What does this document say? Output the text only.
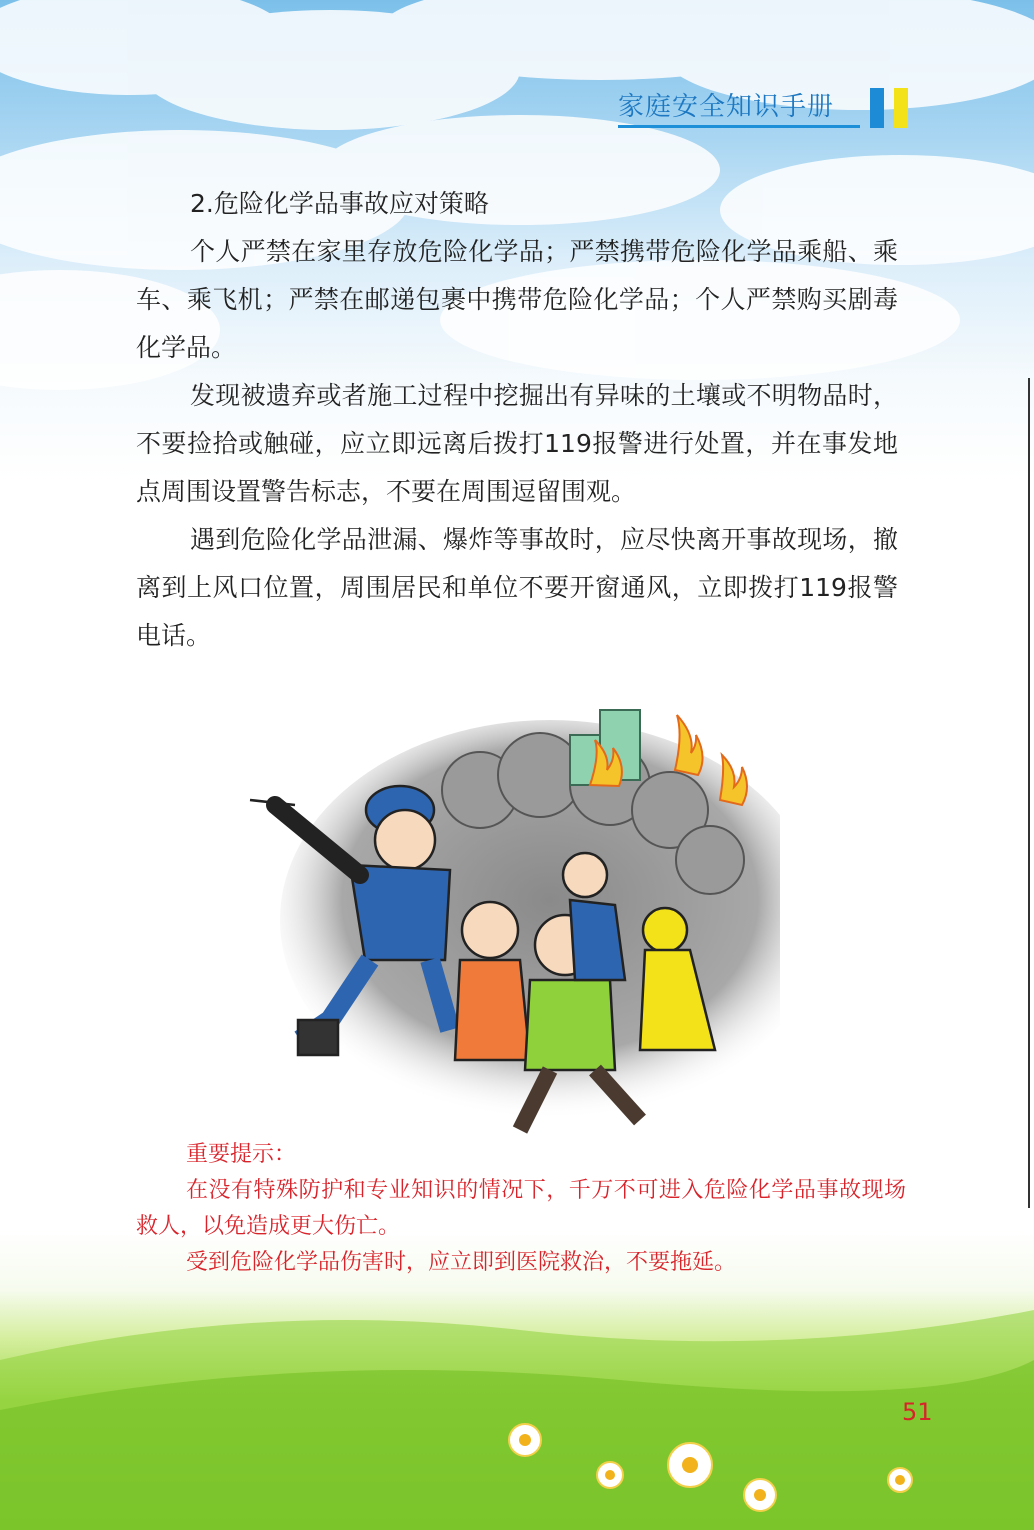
家庭安全知识手册

2.危险化学品事故应对策略

个人严禁在家里存放危险化学品；严禁携带危险化学品乘船、乘车、乘飞机；严禁在邮递包裹中携带危险化学品；个人严禁购买剧毒化学品。

发现被遗弃或者施工过程中挖掘出有异味的土壤或不明物品时，不要捡拾或触碰，应立即远离后拨打119报警进行处置，并在事发地点周围设置警告标志，不要在周围逗留围观。

遇到危险化学品泄漏、爆炸等事故时，应尽快离开事故现场，撤离到上风口位置，周围居民和单位不要开窗通风，立即拨打119报警电话。

重要提示：

在没有特殊防护和专业知识的情况下，千万不可进入危险化学品事故现场救人，以免造成更大伤亡。

受到危险化学品伤害时，应立即到医院救治，不要拖延。

51
